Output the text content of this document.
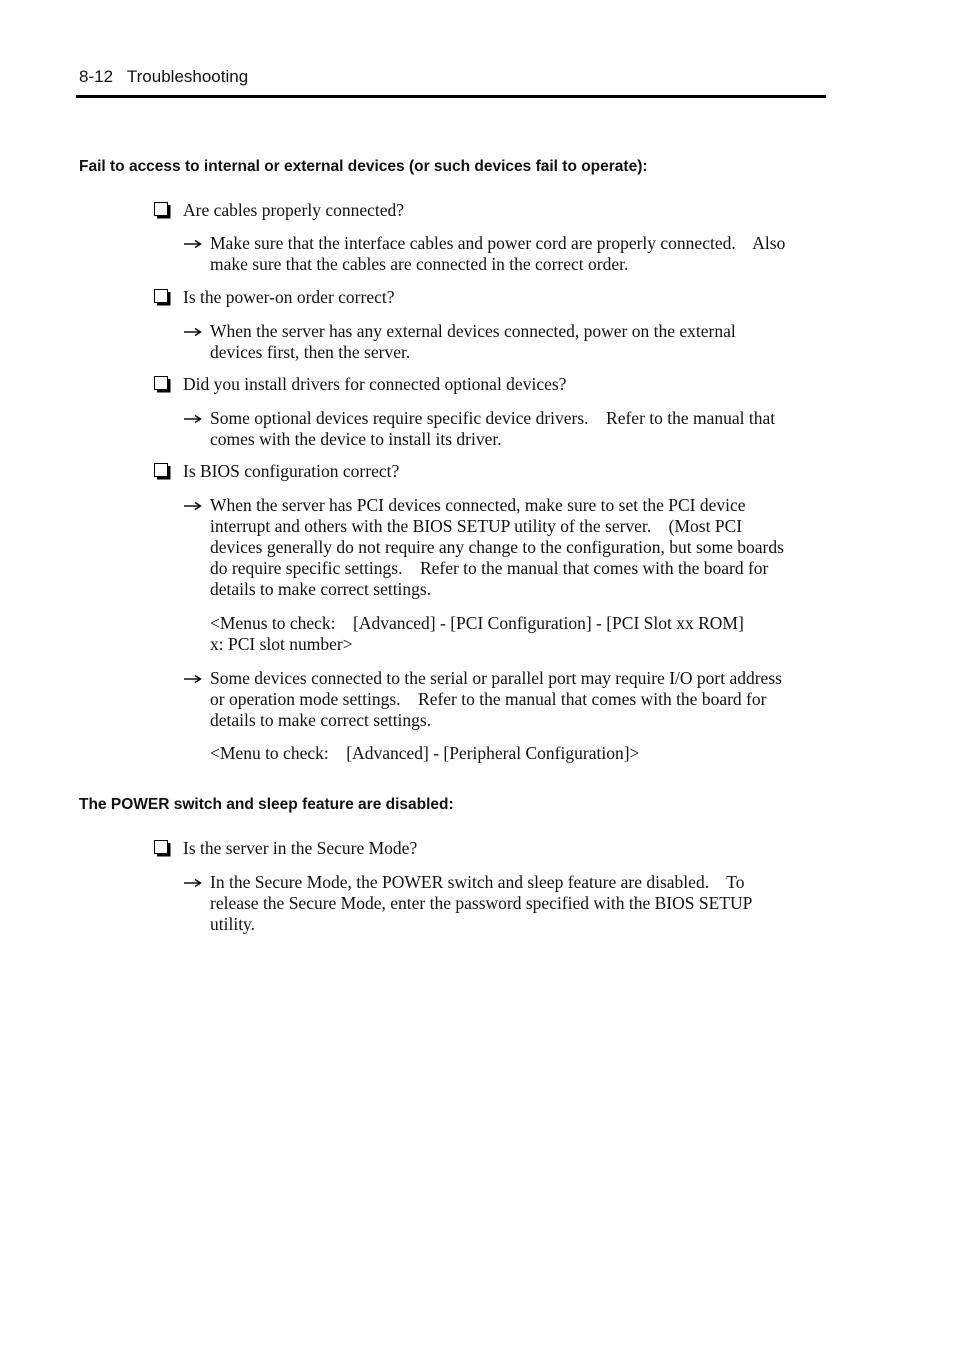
8-12   Troubleshooting
Fail to access to internal or external devices (or such devices fail to operate):
Are cables properly connected?
Make sure that the interface cables and power cord are properly connected.    Also
make sure that the cables are connected in the correct order.
Is the power-on order correct?
When the server has any external devices connected, power on the external
devices first, then the server.
Did you install drivers for connected optional devices?
Some optional devices require specific device drivers.    Refer to the manual that
comes with the device to install its driver.
Is BIOS configuration correct?
When the server has PCI devices connected, make sure to set the PCI device
interrupt and others with the BIOS SETUP utility of the server.    (Most PCI
devices generally do not require any change to the configuration, but some boards
do require specific settings.    Refer to the manual that comes with the board for
details to make correct settings.
<Menus to check:    [Advanced] - [PCI Configuration] - [PCI Slot xx ROM]
x: PCI slot number>
Some devices connected to the serial or parallel port may require I/O port address
or operation mode settings.    Refer to the manual that comes with the board for
details to make correct settings.
<Menu to check:    [Advanced] - [Peripheral Configuration]>
The POWER switch and sleep feature are disabled:
Is the server in the Secure Mode?
In the Secure Mode, the POWER switch and sleep feature are disabled.    To
release the Secure Mode, enter the password specified with the BIOS SETUP
utility.
